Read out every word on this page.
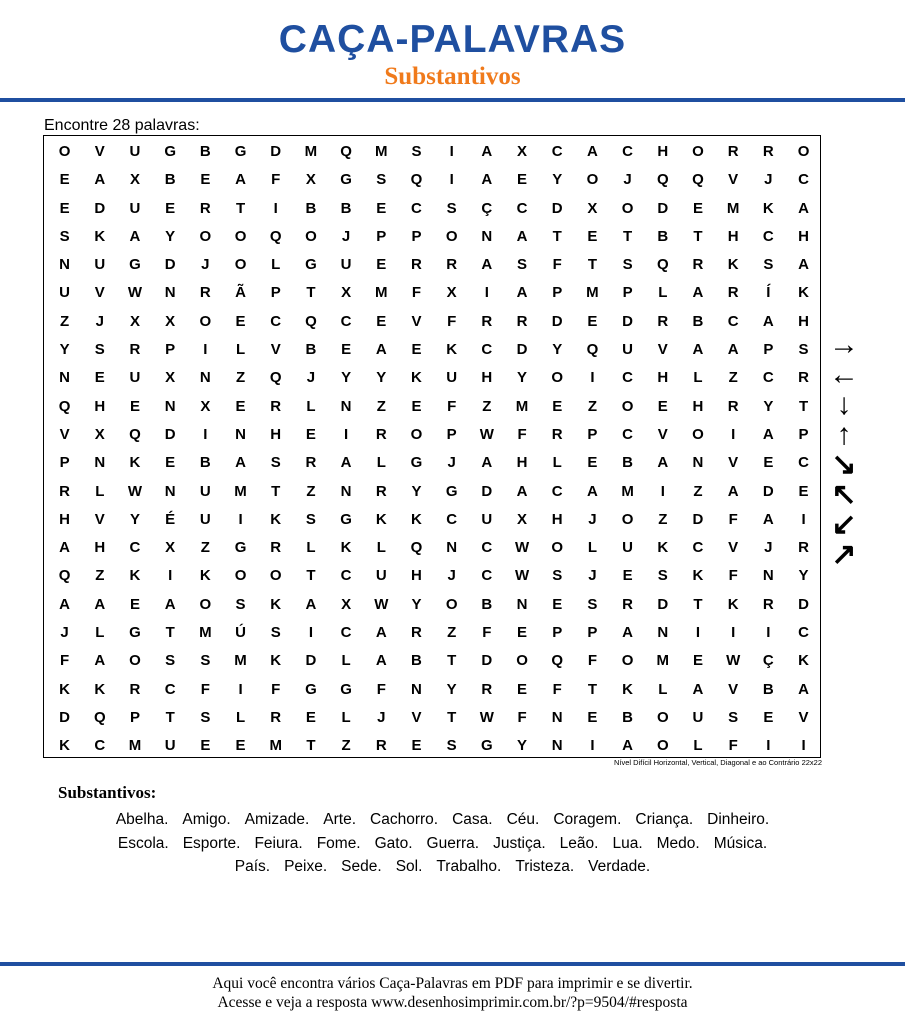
CAÇA-PALAVRAS
Substantivos
Encontre 28 palavras:
O	V	U	G	B	G	D	M	Q	M	S	I	A	X	C	A	C	H	O	R	R	O
E	A	X	B	E	A	F	X	G	S	Q	I	A	E	Y	O	J	Q	Q	V	J	C
E	D	U	E	R	T	I	B	B	E	C	S	Ç	C	D	X	O	D	E	M	K	A
S	K	A	Y	O	O	Q	O	J	P	P	O	N	A	T	E	T	B	T	H	C	H
N	U	G	D	J	O	L	G	U	E	R	R	A	S	F	T	S	Q	R	K	S	A
U	V	W	N	R	Ã	P	T	X	M	F	X	I	A	P	M	P	L	A	R	Í	K
Z	J	X	X	O	E	C	Q	C	E	V	F	R	R	D	E	D	R	B	C	A	H
Y	S	R	P	I	L	V	B	E	A	E	K	C	D	Y	Q	U	V	A	A	P	S
N	E	U	X	N	Z	Q	J	Y	Y	K	U	H	Y	O	I	C	H	L	Z	C	R
Q	H	E	N	X	E	R	L	N	Z	E	F	Z	M	E	Z	O	E	H	R	Y	T
V	X	Q	D	I	N	H	E	I	R	O	P	W	F	R	P	C	V	O	I	A	P
P	N	K	E	B	A	S	R	A	L	G	J	A	H	L	E	B	A	N	V	E	C
R	L	W	N	U	M	T	Z	N	R	Y	G	D	A	C	A	M	I	Z	A	D	E
H	V	Y	É	U	I	K	S	G	K	K	C	U	X	H	J	O	Z	D	F	A	I
A	H	C	X	Z	G	R	L	K	L	Q	N	C	W	O	L	U	K	C	V	J	R
Q	Z	K	I	K	O	O	T	C	U	H	J	C	W	S	J	E	S	K	F	N	Y
A	A	E	A	O	S	K	A	X	W	Y	O	B	N	E	S	R	D	T	K	R	D
J	L	G	T	M	Ú	S	I	C	A	R	Z	F	E	P	P	A	N	I	I	I	C
F	A	O	S	S	M	K	D	L	A	B	T	D	O	Q	F	O	M	E	W	Ç	K
K	K	R	C	F	I	F	G	G	F	N	Y	R	E	F	T	K	L	A	V	B	A
D	Q	P	T	S	L	R	E	L	J	V	T	W	F	N	E	B	O	U	S	E	V
K	C	M	U	E	E	M	T	Z	R	E	S	G	Y	N	I	A	O	L	F	I	I
Nível Difícil Horizontal, Vertical, Diagonal e ao Contrário 22x22
→
←
↓
↑
↘
↖
↙
↗
Substantivos:
Abelha. Amigo. Amizade. Arte. Cachorro. Casa. Céu. Coragem. Criança. Dinheiro.
Escola. Esporte. Feiura. Fome. Gato. Guerra. Justiça. Leão. Lua. Medo. Música.
País. Peixe. Sede. Sol. Trabalho. Tristeza. Verdade.
Aqui você encontra vários Caça-Palavras em PDF para imprimir e se divertir.
Acesse e veja a resposta www.desenhosimprimir.com.br/?p=9504/#resposta
